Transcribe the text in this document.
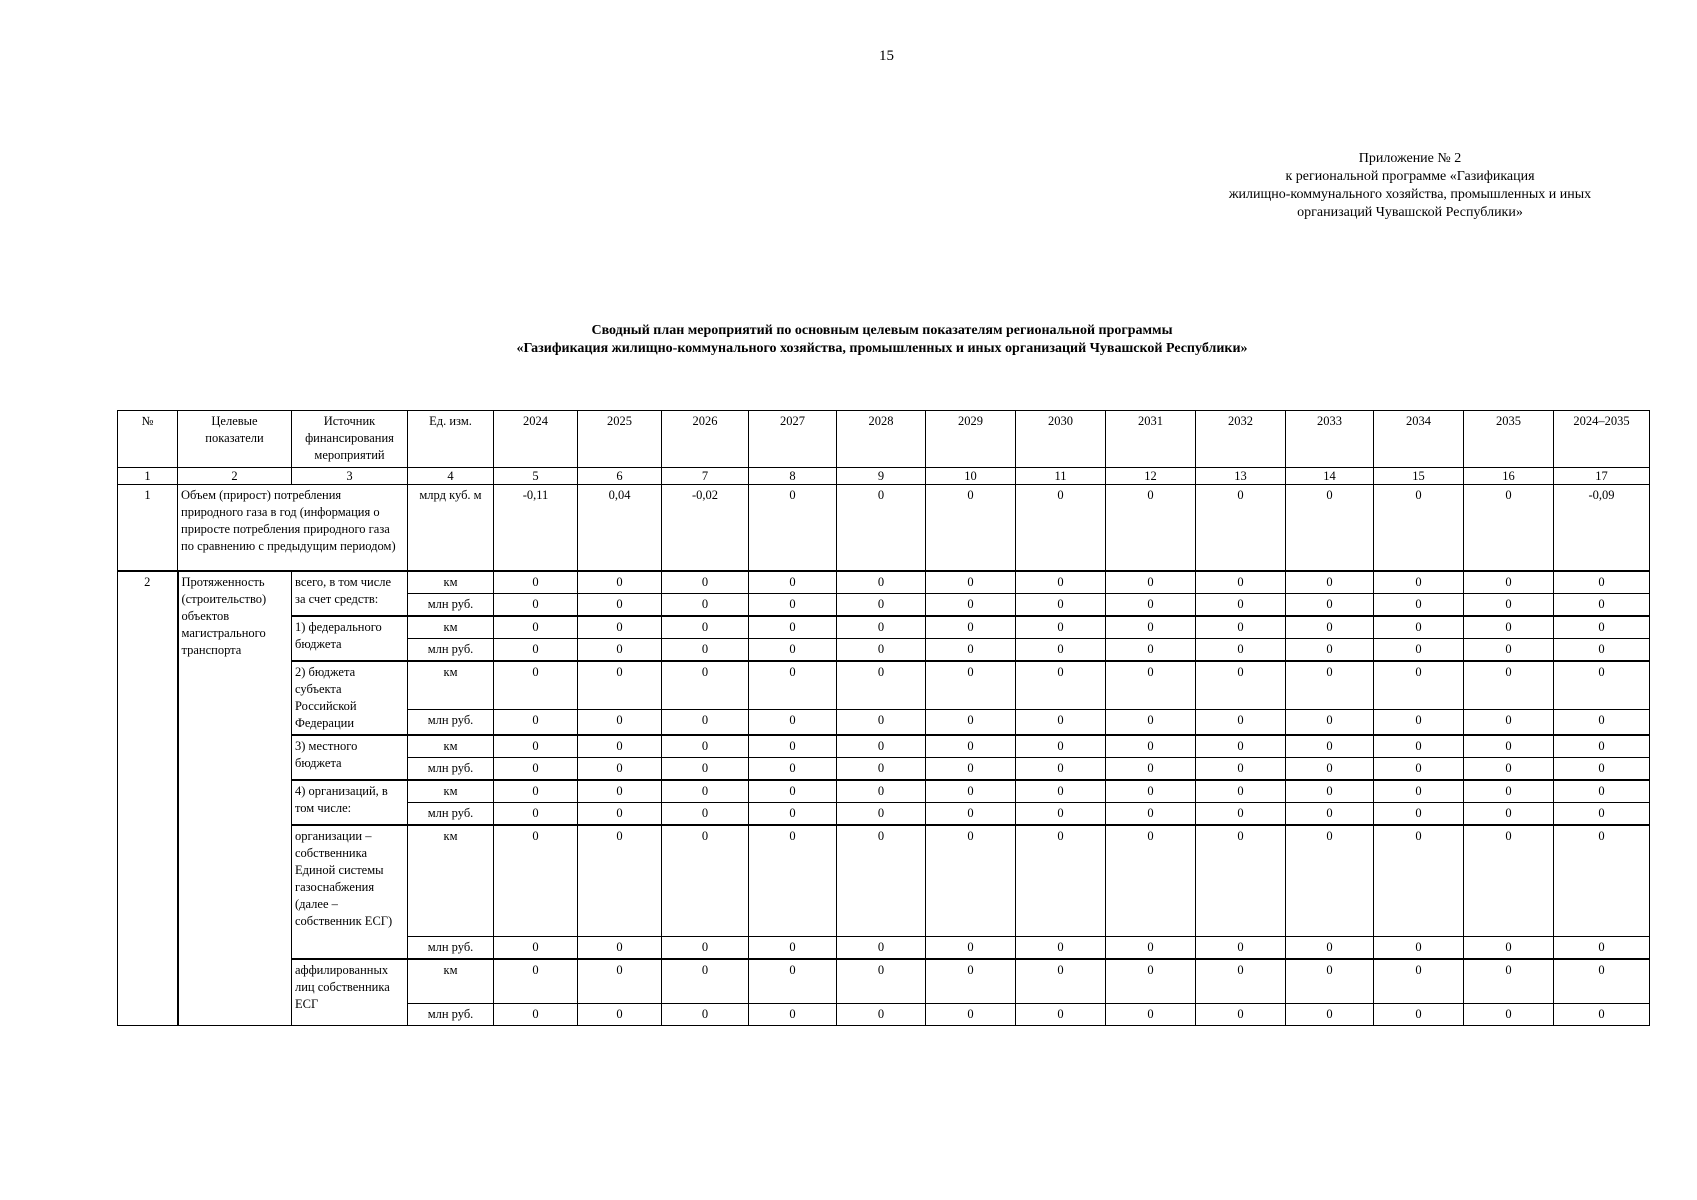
15
Приложение № 2
к региональной программе «Газификация
жилищно-коммунального хозяйства, промышленных и иных
организаций Чувашской Республики»
Сводный план мероприятий по основным целевым показателям региональной программы
«Газификация жилищно-коммунального хозяйства, промышленных и иных организаций Чувашской Республики»
№	Целевые показатели	Источник финансирования мероприятий	Ед. изм.	2024	2025	2026	2027	2028	2029	2030	2031	2032	2033	2034	2035	2024–2035
1	2	3	4	5	6	7	8	9	10	11	12	13	14	15	16	17
1	Объем (прирост) потребления природного газа в год (информация о приросте потребления природного газа по сравнению с предыдущим периодом)		млрд куб. м	-0,11	0,04	-0,02	0	0	0	0	0	0	0	0	0	-0,09
2	Протяженность (строительство) объектов магистрального транспорта	всего, в том числе за счет средств:	км	0	0	0	0	0	0	0	0	0	0	0	0	0
			млн руб.	0	0	0	0	0	0	0	0	0	0	0	0	0
		1) федерального бюджета	км	0	0	0	0	0	0	0	0	0	0	0	0	0
			млн руб.	0	0	0	0	0	0	0	0	0	0	0	0	0
		2) бюджета субъекта Российской Федерации	км	0	0	0	0	0	0	0	0	0	0	0	0	0
			млн руб.	0	0	0	0	0	0	0	0	0	0	0	0	0
		3) местного бюджета	км	0	0	0	0	0	0	0	0	0	0	0	0	0
			млн руб.	0	0	0	0	0	0	0	0	0	0	0	0	0
		4) организаций, в том числе:	км	0	0	0	0	0	0	0	0	0	0	0	0	0
			млн руб.	0	0	0	0	0	0	0	0	0	0	0	0	0
		организации – собственника Единой системы газоснабжения (далее – собственник ЕСГ)	км	0	0	0	0	0	0	0	0	0	0	0	0	0
			млн руб.	0	0	0	0	0	0	0	0	0	0	0	0	0
		аффилированных лиц собственника ЕСГ	км	0	0	0	0	0	0	0	0	0	0	0	0	0
			млн руб.	0	0	0	0	0	0	0	0	0	0	0	0	0
